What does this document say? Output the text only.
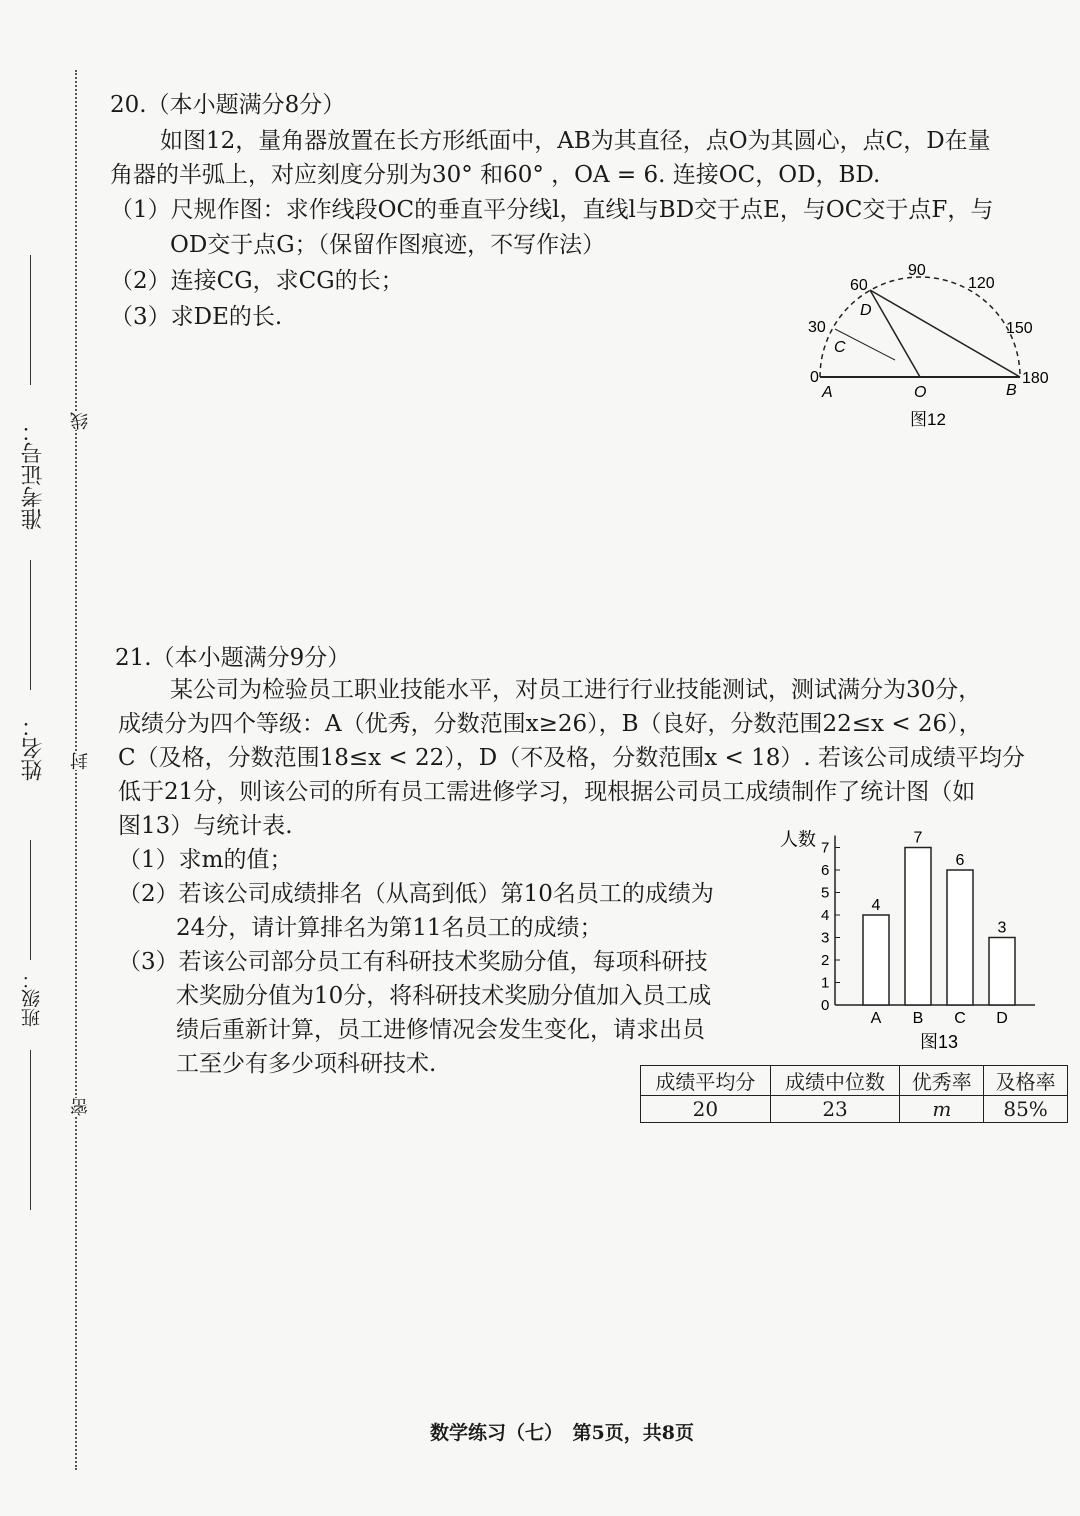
准考证号：
姓名：
班级：
线
封
密
20.（本小题满分8分）
如图12，量角器放置在长方形纸面中，AB为其直径，点O为其圆心，点C，D在量
角器的半弧上，对应刻度分别为30° 和60° ，OA = 6. 连接OC，OD，BD.
（1）尺规作图：求作线段OC的垂直平分线l，直线l与BD交于点E，与OC交于点F，与
OD交于点G；（保留作图痕迹，不写作法）
（2）连接CG，求CG的长；
（3）求DE的长.
0
30
60
90
120
150
180
A	O	B
C
D
图12
21.（本小题满分9分）
某公司为检验员工职业技能水平，对员工进行行业技能测试，测试满分为30分，
成绩分为四个等级：A（优秀，分数范围x≥26），B（良好，分数范围22≤x < 26），
C（及格，分数范围18≤x < 22），D（不及格，分数范围x < 18）. 若该公司成绩平均分
低于21分，则该公司的所有员工需进修学习，现根据公司员工成绩制作了统计图（如
图13）与统计表.
（1）求m的值；
（2）若该公司成绩排名（从高到低）第10名员工的成绩为
24分，请计算排名为第11名员工的成绩；
（3）若该公司部分员工有科研技术奖励分值，每项科研技
术奖励分值为10分，将科研技术奖励分值加入员工成
绩后重新计算，员工进修情况会发生变化，请求出员
工至少有多少项科研技术.
人数
0
1
2
3
4
5
6
7
4
A
7
B
6
C
3
D
图13
成绩平均分	成绩中位数	优秀率	及格率
20	23	m	85%
数学练习（七）　第5页，共8页
